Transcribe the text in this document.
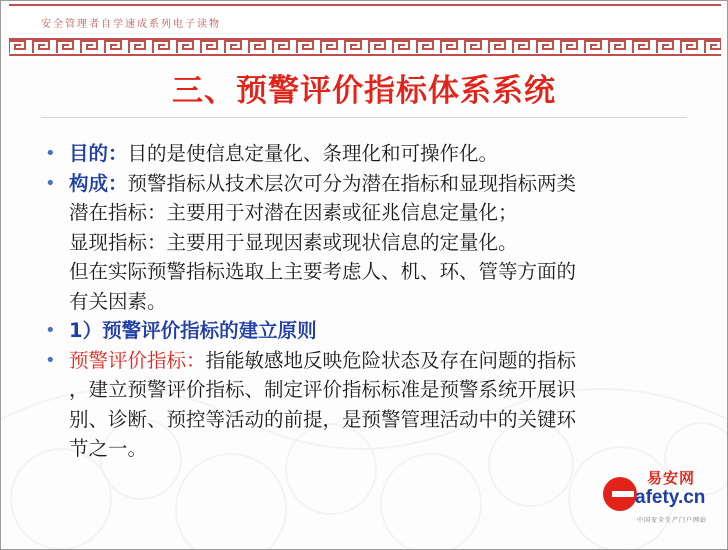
安全管理者自学速成系列电子读物
三、预警评价指标体系系统
• 目的：目的是使信息定量化、条理化和可操作化。
• 构成：预警指标从技术层次可分为潜在指标和显现指标两类
潜在指标：主要用于对潜在因素或征兆信息定量化；
显现指标：主要用于显现因素或现状信息的定量化。
但在实际预警指标选取上主要考虑人、机、环、管等方面的
有关因素。
• 1）预警评价指标的建立原则
• 预警评价指标：指能敏感地反映危险状态及存在问题的指标
，建立预警评价指标、制定评价指标标准是预警系统开展识
别、诊断、预控等活动的前提，是预警管理活动中的关键环
节之一。
易安网
afety.cn
中国安全生产门户网站
